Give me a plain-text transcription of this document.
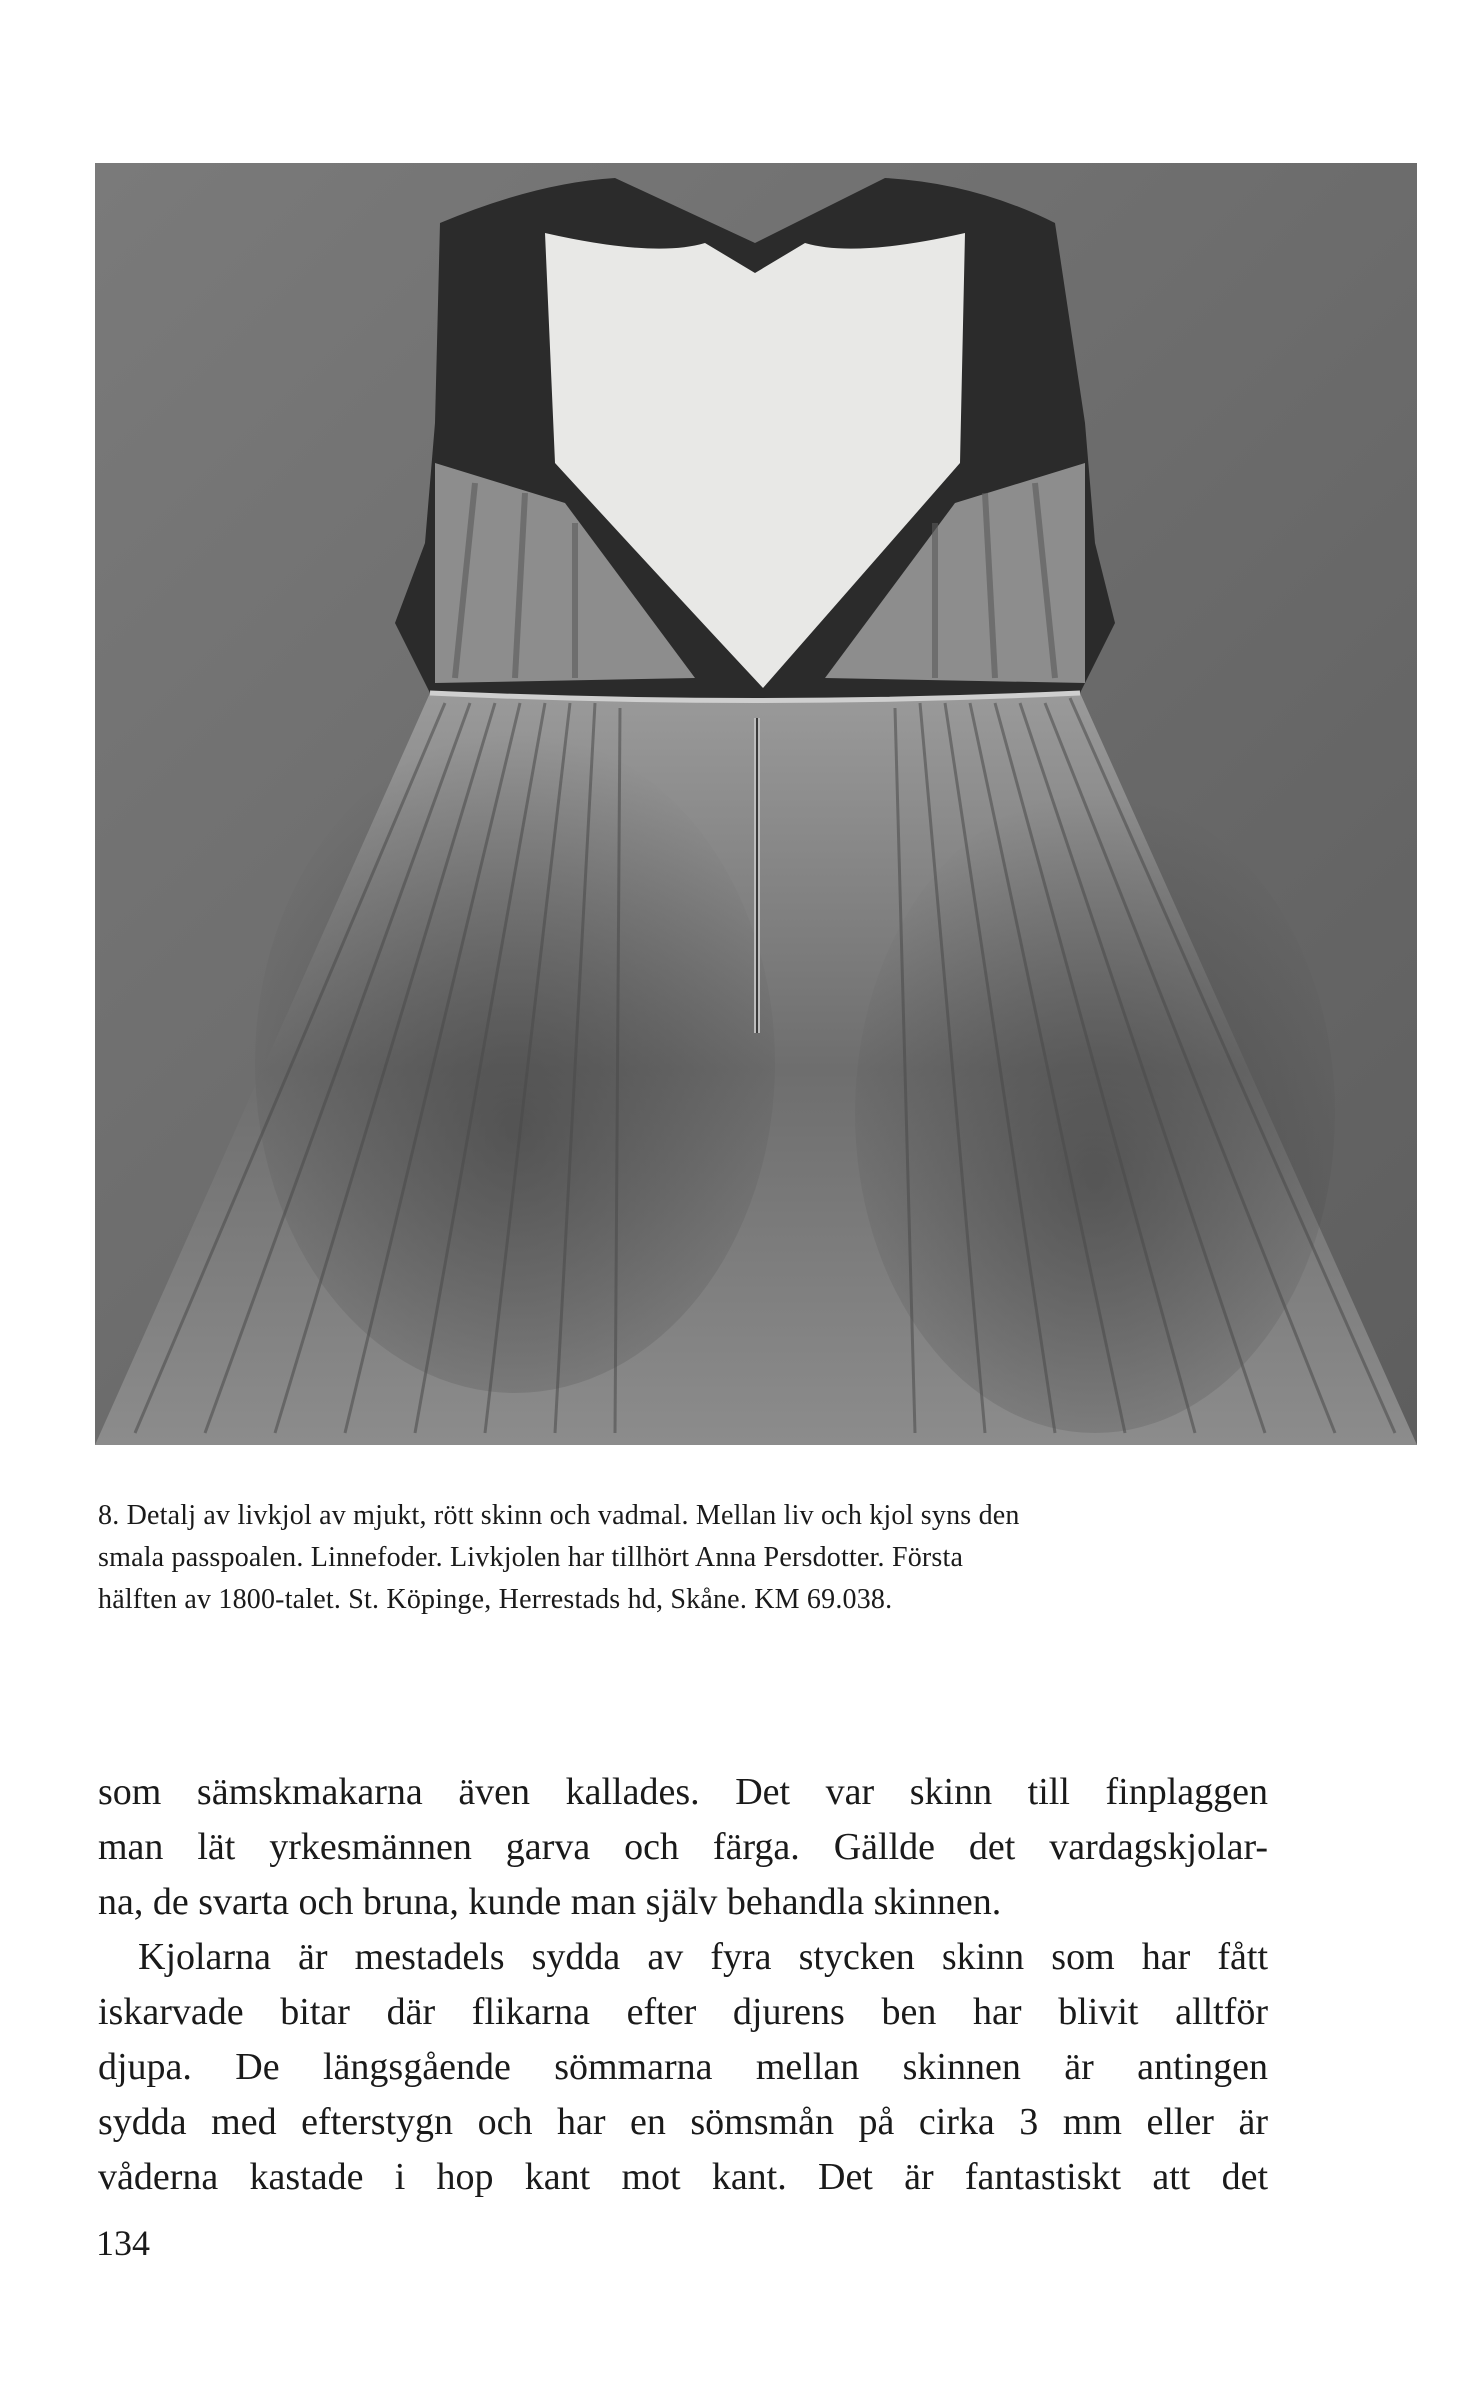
8. Detalj av livkjol av mjukt, rött skinn och vadmal. Mellan liv och kjol syns den

smala passpoalen. Linnefoder. Livkjolen har tillhört Anna Persdotter. Första

hälften av 1800-talet. St. Köpinge, Herrestads hd, Skåne. KM 69.038.

som sämskmakarna även kallades. Det var skinn till finplaggen

man lät yrkesmännen garva och färga. Gällde det vardagskjolar-

na, de svarta och bruna, kunde man själv behandla skinnen.

Kjolarna är mestadels sydda av fyra stycken skinn som har fått

iskarvade bitar där flikarna efter djurens ben har blivit alltför

djupa. De längsgående sömmarna mellan skinnen är antingen

sydda med efterstygn och har en sömsmån på cirka 3 mm eller är

våderna kastade i hop kant mot kant. Det är fantastiskt att det

134
